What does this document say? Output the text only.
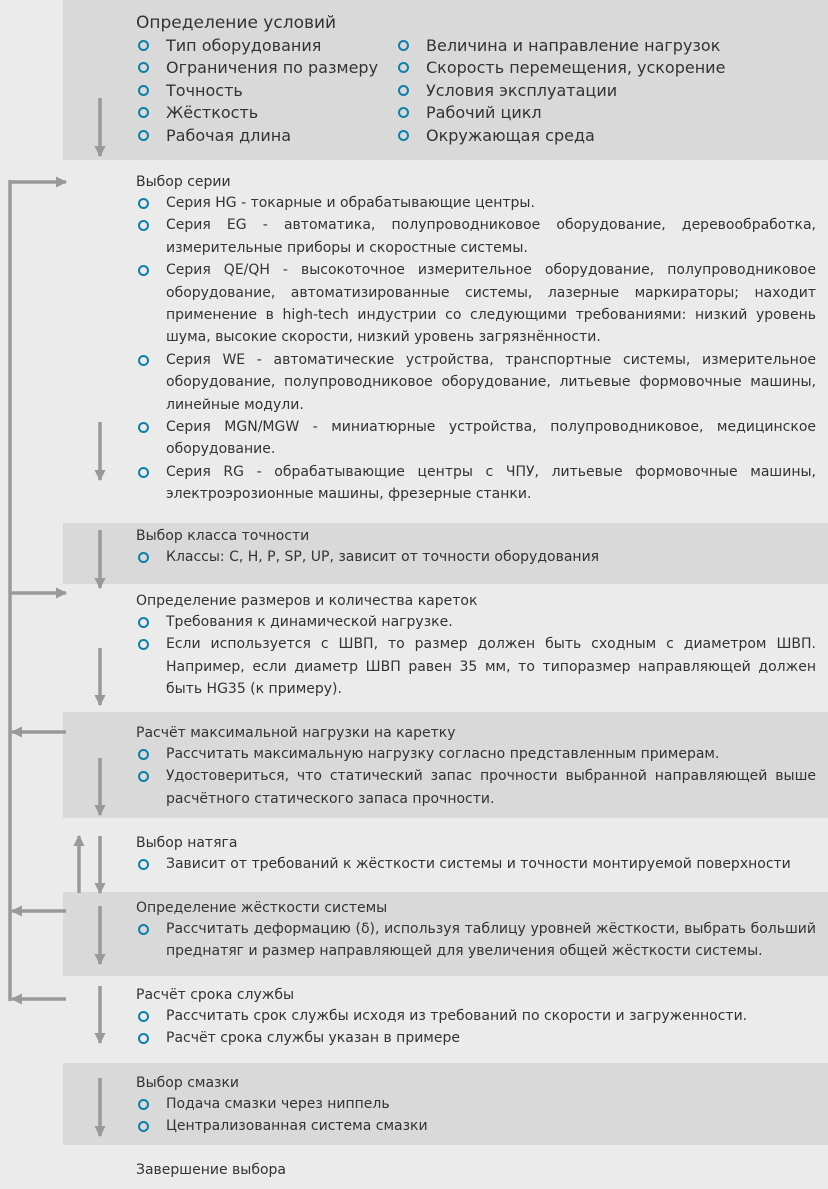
Определение условий
Тип оборудования
Ограничения по размеру
Точность
Жёсткость
Рабочая длина
Величина и направление нагрузок
Скорость перемещения, ускорение
Условия эксплуатации
Рабочий цикл
Окружающая среда
Выбор серии
Серия HG - токарные и обрабатывающие центры.
Серия EG - автоматика, полупроводниковое оборудование, деревообработка, измерительные приборы и скоростные системы.
Серия QE/QH - высокоточное измерительное оборудование, полупроводниковое оборудование, автоматизированные системы, лазерные маркираторы; находит применение в high-tech индустрии со следующими требованиями: низкий уровень шума, высокие скорости, низкий уровень загрязнённости.
Серия WE - автоматические устройства, транспортные системы, измерительное оборудование, полупроводниковое оборудование, литьевые формовочные машины, линейные модули.
Серия MGN/MGW - миниатюрные устройства, полупроводниковое, медицинское оборудование.
Серия RG - обрабатывающие центры с ЧПУ, литьевые формовочные машины, электроэрозионные машины, фрезерные станки.
Выбор класса точности
Классы: C, H, P, SP, UP, зависит от точности оборудования
Определение размеров и количества кареток
Требования к динамической нагрузке.
Если используется с ШВП, то размер должен быть сходным с диаметром ШВП. Например, если диаметр ШВП равен 35 мм, то типоразмер направляющей должен быть HG35 (к примеру).
Расчёт максимальной нагрузки на каретку
Рассчитать максимальную нагрузку согласно представленным примерам.
Удостовериться, что статический запас прочности выбранной направляющей выше расчётного статического запаса прочности.
Выбор натяга
Зависит от требований к жёсткости системы и точности монтируемой поверхности
Определение жёсткости системы
Рассчитать деформацию (δ), используя таблицу уровней жёсткости, выбрать больший преднатяг и размер направляющей для увеличения общей жёсткости системы.
Расчёт срока службы
Рассчитать срок службы исходя из требований по скорости и загруженности.
Расчёт срока службы указан в примере
Выбор смазки
Подача смазки через ниппель
Централизованная система смазки
Завершение выбора
